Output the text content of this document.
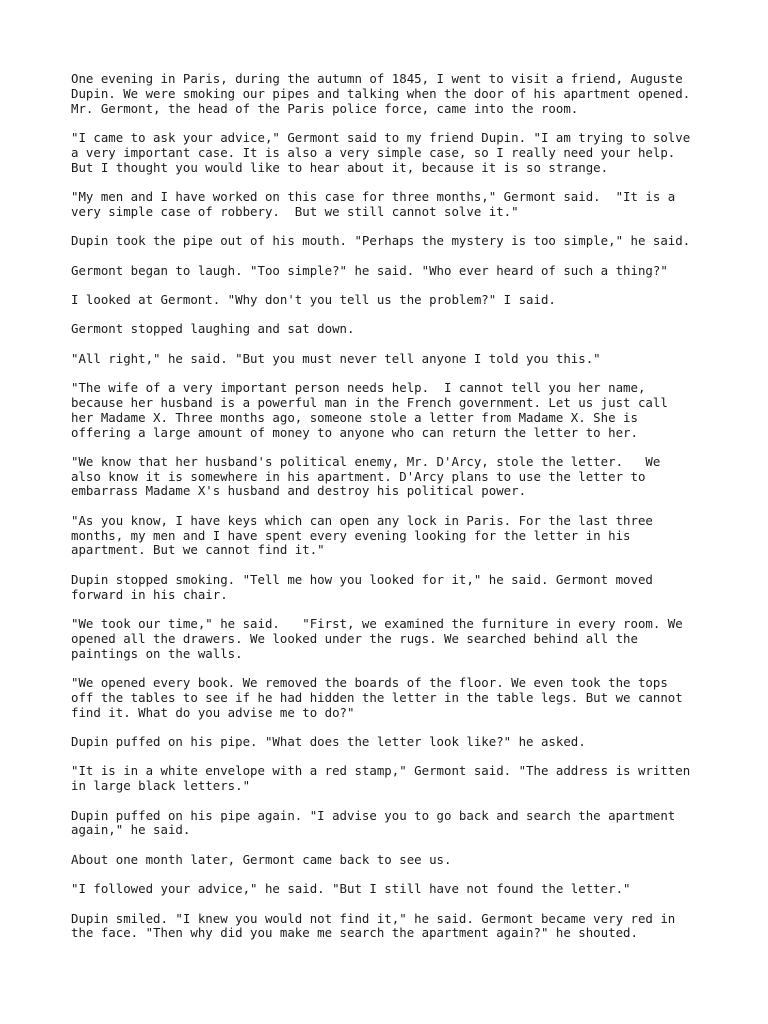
One evening in Paris, during the autumn of 1845, I went to visit a friend, Auguste
Dupin. We were smoking our pipes and talking when the door of his apartment opened.
Mr. Germont, the head of the Paris police force, came into the room.

"I came to ask your advice," Germont said to my friend Dupin. "I am trying to solve
a very important case. It is also a very simple case, so I really need your help.
But I thought you would like to hear about it, because it is so strange.

"My men and I have worked on this case for three months," Germont said.  "It is a
very simple case of robbery.  But we still cannot solve it."

Dupin took the pipe out of his mouth. "Perhaps the mystery is too simple," he said.

Germont began to laugh. "Too simple?" he said. "Who ever heard of such a thing?"

I looked at Germont. "Why don't you tell us the problem?" I said.

Germont stopped laughing and sat down.

"All right," he said. "But you must never tell anyone I told you this."

"The wife of a very important person needs help.  I cannot tell you her name,
because her husband is a powerful man in the French government. Let us just call
her Madame X. Three months ago, someone stole a letter from Madame X. She is
offering a large amount of money to anyone who can return the letter to her.

"We know that her husband's political enemy, Mr. D'Arcy, stole the letter.   We
also know it is somewhere in his apartment. D'Arcy plans to use the letter to
embarrass Madame X's husband and destroy his political power.

"As you know, I have keys which can open any lock in Paris. For the last three
months, my men and I have spent every evening looking for the letter in his
apartment. But we cannot find it."

Dupin stopped smoking. "Tell me how you looked for it," he said. Germont moved
forward in his chair.

"We took our time," he said.   "First, we examined the furniture in every room. We
opened all the drawers. We looked under the rugs. We searched behind all the
paintings on the walls.

"We opened every book. We removed the boards of the floor. We even took the tops
off the tables to see if he had hidden the letter in the table legs. But we cannot
find it. What do you advise me to do?"

Dupin puffed on his pipe. "What does the letter look like?" he asked.

"It is in a white envelope with a red stamp," Germont said. "The address is written
in large black letters."

Dupin puffed on his pipe again. "I advise you to go back and search the apartment
again," he said.

About one month later, Germont came back to see us.

"I followed your advice," he said. "But I still have not found the letter."

Dupin smiled. "I knew you would not find it," he said. Germont became very red in
the face. "Then why did you make me search the apartment again?" he shouted.
